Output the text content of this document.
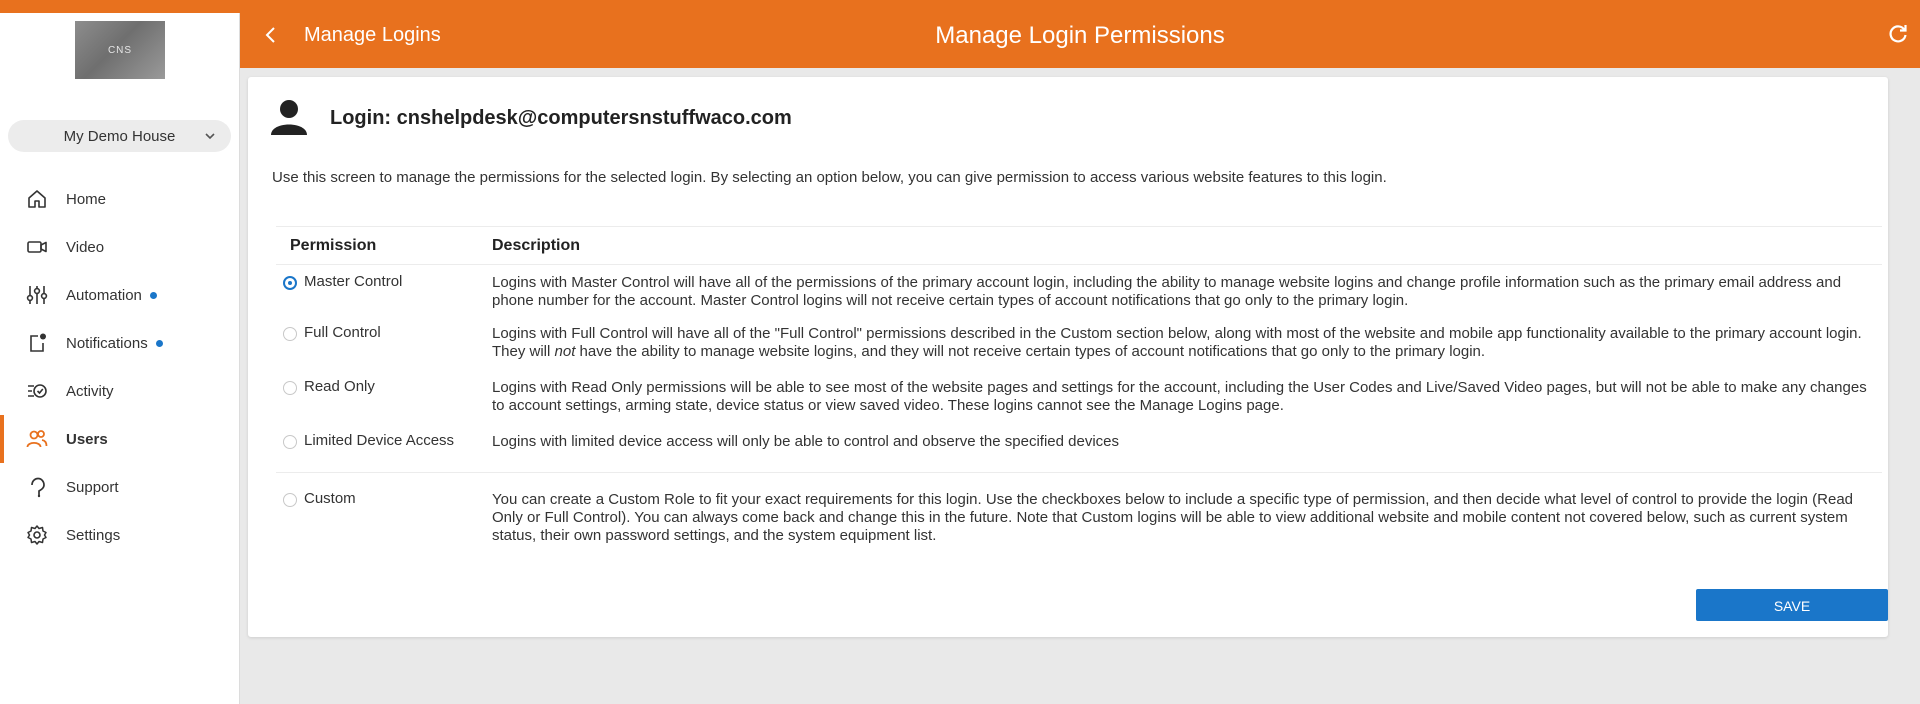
CNS
My Demo House
Home
Video
Automation
Notifications
Activity
Users
Support
Settings
Manage Logins	Manage Login Permissions
Login: cnshelpdesk@computersnstuffwaco.com
Use this screen to manage the permissions for the selected login. By selecting an option below, you can give permission to access various website features to this login.
Permission	Description
Master Control	Logins with Master Control will have all of the permissions of the primary account login, including the ability to manage website logins and change profile information such as the primary email address and phone number for the account. Master Control logins will not receive certain types of account notifications that go only to the primary login.
Full Control	Logins with Full Control will have all of the "Full Control" permissions described in the Custom section below, along with most of the website and mobile app functionality available to the primary account login. They will not have the ability to manage website logins, and they will not receive certain types of account notifications that go only to the primary login.
Read Only	Logins with Read Only permissions will be able to see most of the website pages and settings for the account, including the User Codes and Live/Saved Video pages, but will not be able to make any changes to account settings, arming state, device status or view saved video. These logins cannot see the Manage Logins page.
Limited Device Access	Logins with limited device access will only be able to control and observe the specified devices
Custom	You can create a Custom Role to fit your exact requirements for this login. Use the checkboxes below to include a specific type of permission, and then decide what level of control to provide the login (Read Only or Full Control). You can always come back and change this in the future. Note that Custom logins will be able to view additional website and mobile content not covered below, such as current system status, their own password settings, and the system equipment list.
SAVE
